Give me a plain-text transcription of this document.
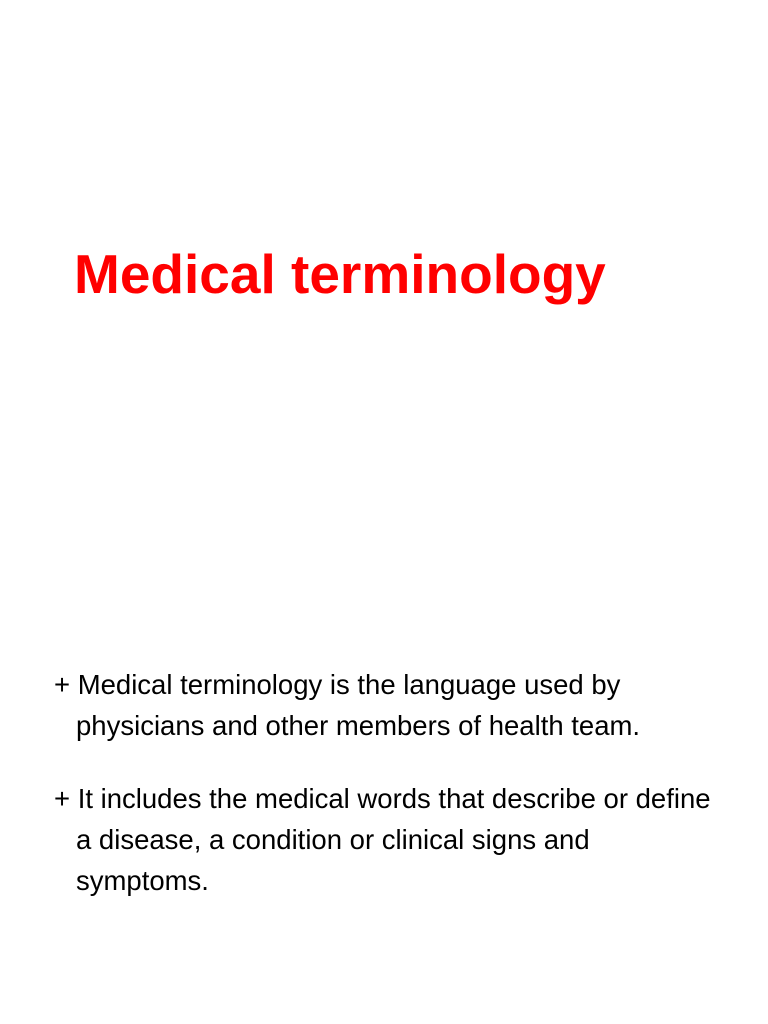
Medical terminology

+ Medical terminology is the language used by physicians and other members of health team.

+ It includes the medical words that describe or define a disease, a condition or clinical signs and symptoms.
